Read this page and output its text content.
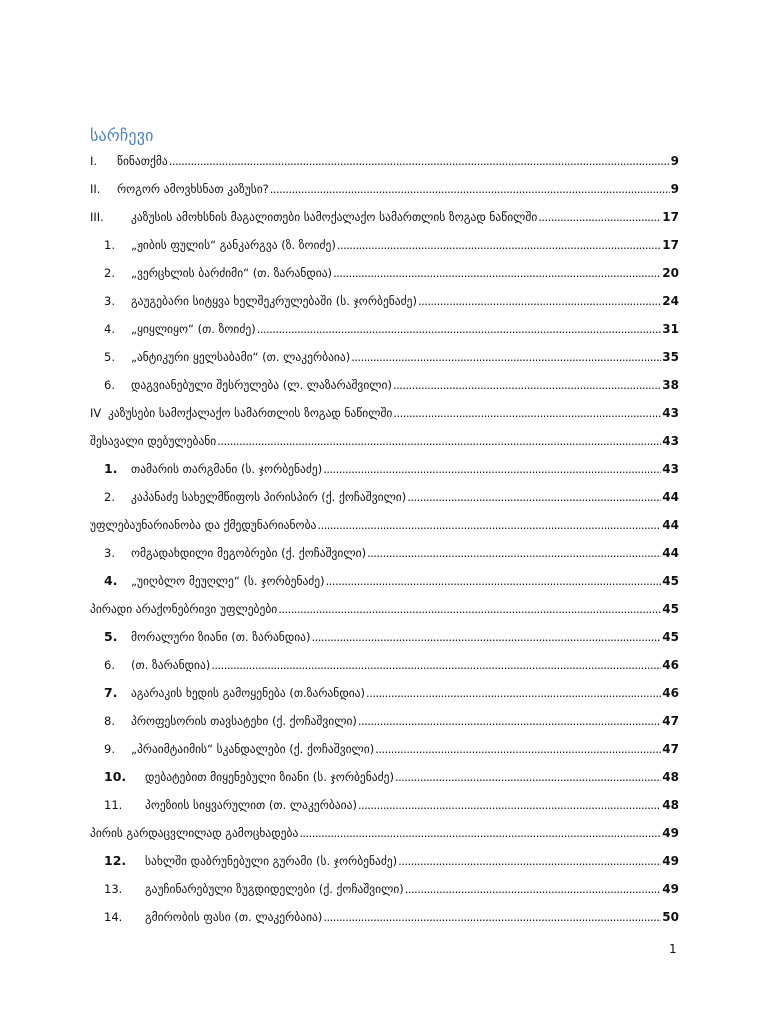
სარჩევი
I.	წინათქმა . . .	9
II.	როგორ ამოვხსნათ კაზუსი? . . .	9
III.	კაზუსის ამოხსნის მაგალითები სამოქალაქო სამართლის ზოგად ნაწილში . . .	17
1.	„ჟიბის ფულის“ განკარგვა (ზ. ზოიძე) . . .	17
2.	„ვერცხლის ბარძიმი“ (თ. ზარანდია) . . .	20
3.	გაუგებარი სიტყვა ხელშეკრულებაში (ს. ჯორბენაძე) . . .	24
4.	„ყიყლიყო“ (თ. ზოიძე) . . .	31
5.	„ანტიკური ყელსაბამი“ (თ. ლაკერბაია) . . .	35
6.	დაგვიანებული შესრულება (ლ. ლაზარაშვილი) . . .	38
IV კაზუსები სამოქალაქო სამართლის ზოგად ნაწილში . . .	43
შესავალი დებულებანი . . .	43
1.	თამარის თარგმანი (ს. ჯორბენაძე) . . .	43
2.	კაპანაძე სახელმწიფოს პირისპირ (ქ. ქოჩაშვილი) . . .	44
უფლებაუნარიანობა და ქმედუნარიანობა . . .	44
3.	ომგადახდილი მეგობრები (ქ. ქოჩაშვილი) . . .	44
4.	„უიღბლო მეუღლე“ (ს. ჯორბენაძე) . . .	45
პირადი არაქონებრივი უფლებები . . .	45
5.	მორალური ზიანი (თ. ზარანდია) . . .	45
6.	(თ. ზარანდია) . . .	46
7.	აგარაკის ხედის გამოყენება (თ.ზარანდია) . . .	46
8.	პროფესორის თავსატეხი (ქ. ქოჩაშვილი) . . .	47
9.	„პრაიმტაიმის“ სკანდალები (ქ. ქოჩაშვილი) . . .	47
10.	დებატებით მიყენებული ზიანი (ს. ჯორბენაძე) . . .	48
11.	პოეზიის სიყვარულით (თ. ლაკერბაია) . . .	48
პირის გარდაცვლილად გამოცხადება . . .	49
12.	სახლში დაბრუნებული გურამი (ს. ჯორბენაძე) . . .	49
13.	გაუჩინარებული ზუგდიდელები (ქ. ქოჩაშვილი) . . .	49
14.	გმირობის ფასი (თ. ლაკერბაია) . . .	50
1
